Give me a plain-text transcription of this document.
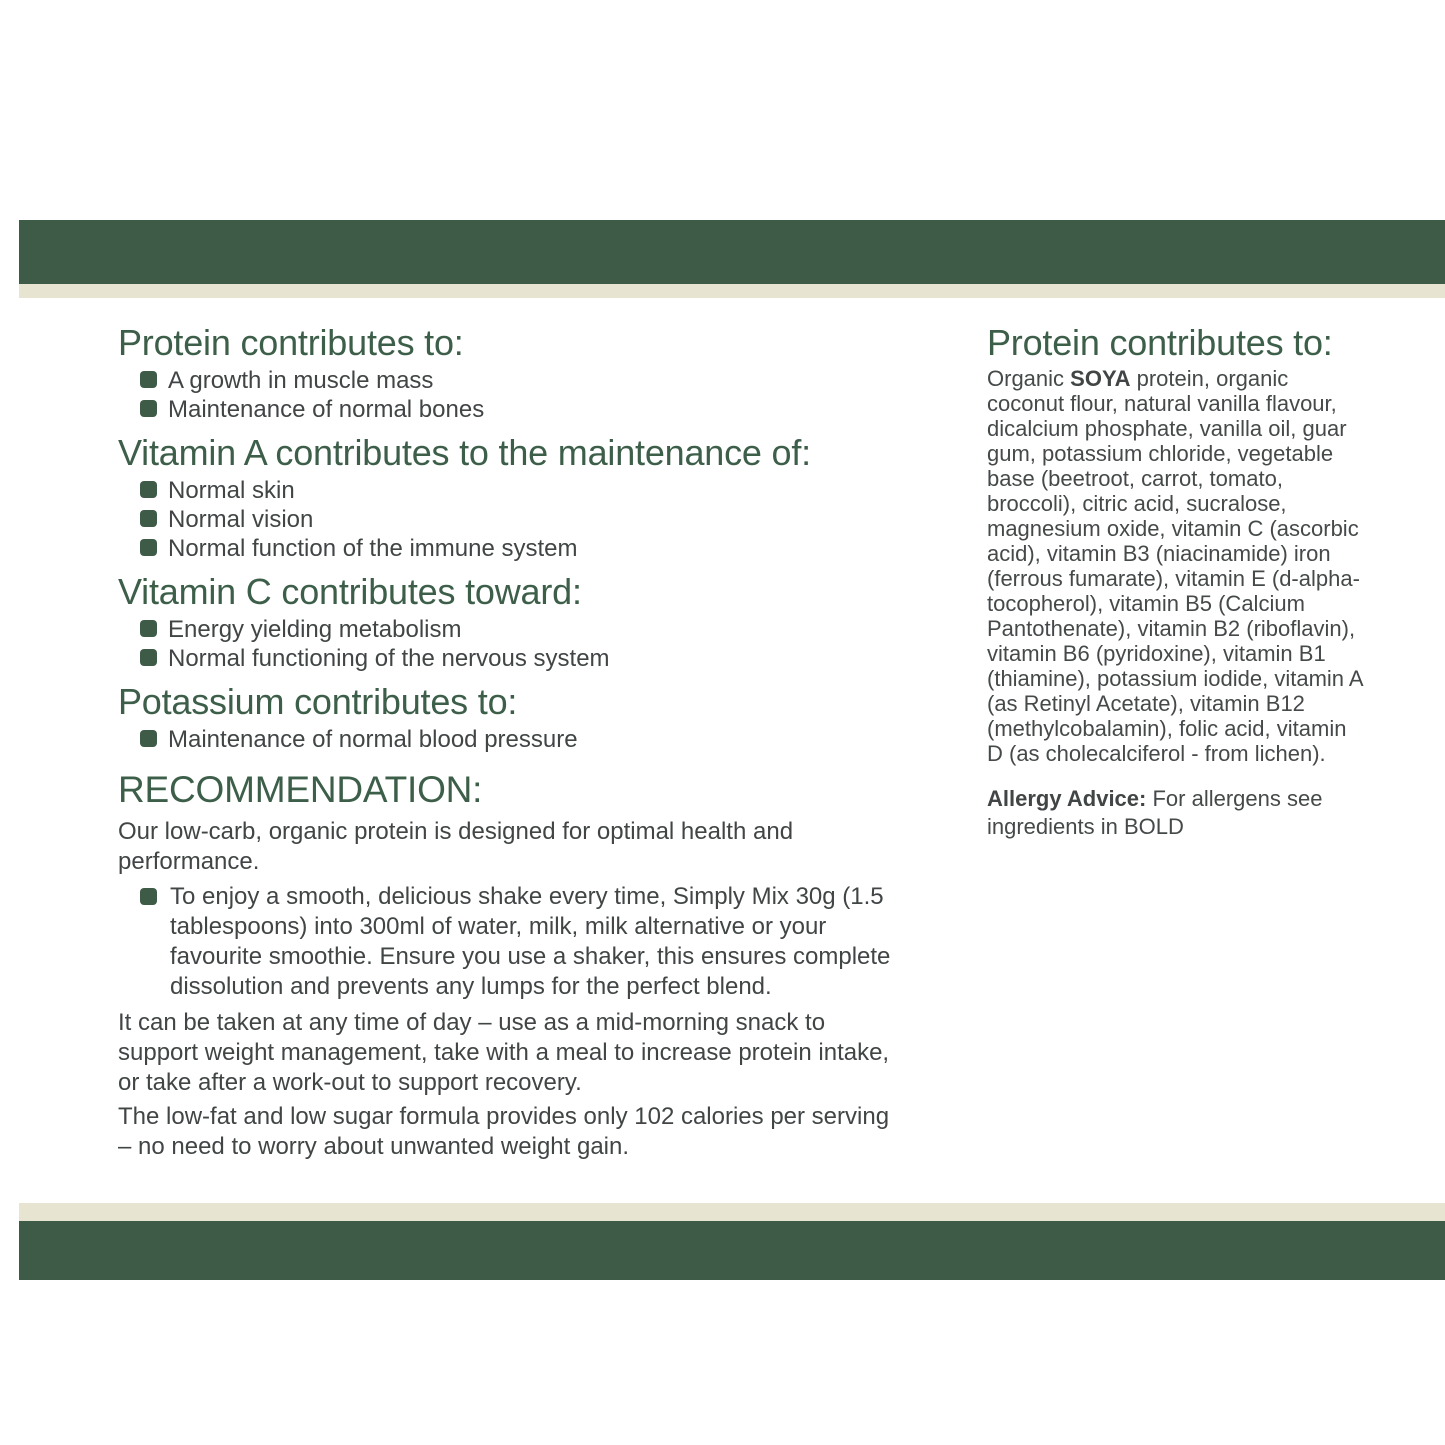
Protein contributes to:
A growth in muscle mass
Maintenance of normal bones
Vitamin A contributes to the maintenance of:
Normal skin
Normal vision
Normal function of the immune system
Vitamin C contributes toward:
Energy yielding metabolism
Normal functioning of the nervous system
Potassium contributes to:
Maintenance of normal blood pressure
RECOMMENDATION:

Our low-carb, organic protein is designed for optimal health and performance.

To enjoy a smooth, delicious shake every time, Simply Mix 30g (1.5 tablespoons) into 300ml of water, milk, milk alternative or your favourite smoothie. Ensure you use a shaker, this ensures complete dissolution and prevents any lumps for the perfect blend.

It can be taken at any time of day – use as a mid-morning snack to support weight management, take with a meal to increase protein intake, or take after a work-out to support recovery.

The low-fat and low sugar formula provides only 102 calories per serving – no need to worry about unwanted weight gain.

Protein contributes to:

Organic SOYA protein, organic coconut flour, natural vanilla flavour, dicalcium phosphate, vanilla oil, guar gum, potassium chloride, vegetable base (beetroot, carrot, tomato, broccoli), citric acid, sucralose, magnesium oxide, vitamin C (ascorbic acid), vitamin B3 (niacinamide) iron (ferrous fumarate), vitamin E (d-alpha-tocopherol), vitamin B5 (Calcium Pantothenate), vitamin B2 (riboflavin), vitamin B6 (pyridoxine), vitamin B1 (thiamine), potassium iodide, vitamin A (as Retinyl Acetate), vitamin B12 (methylcobalamin), folic acid, vitamin D (as cholecalciferol - from lichen).

Allergy Advice: For allergens see ingredients in BOLD
